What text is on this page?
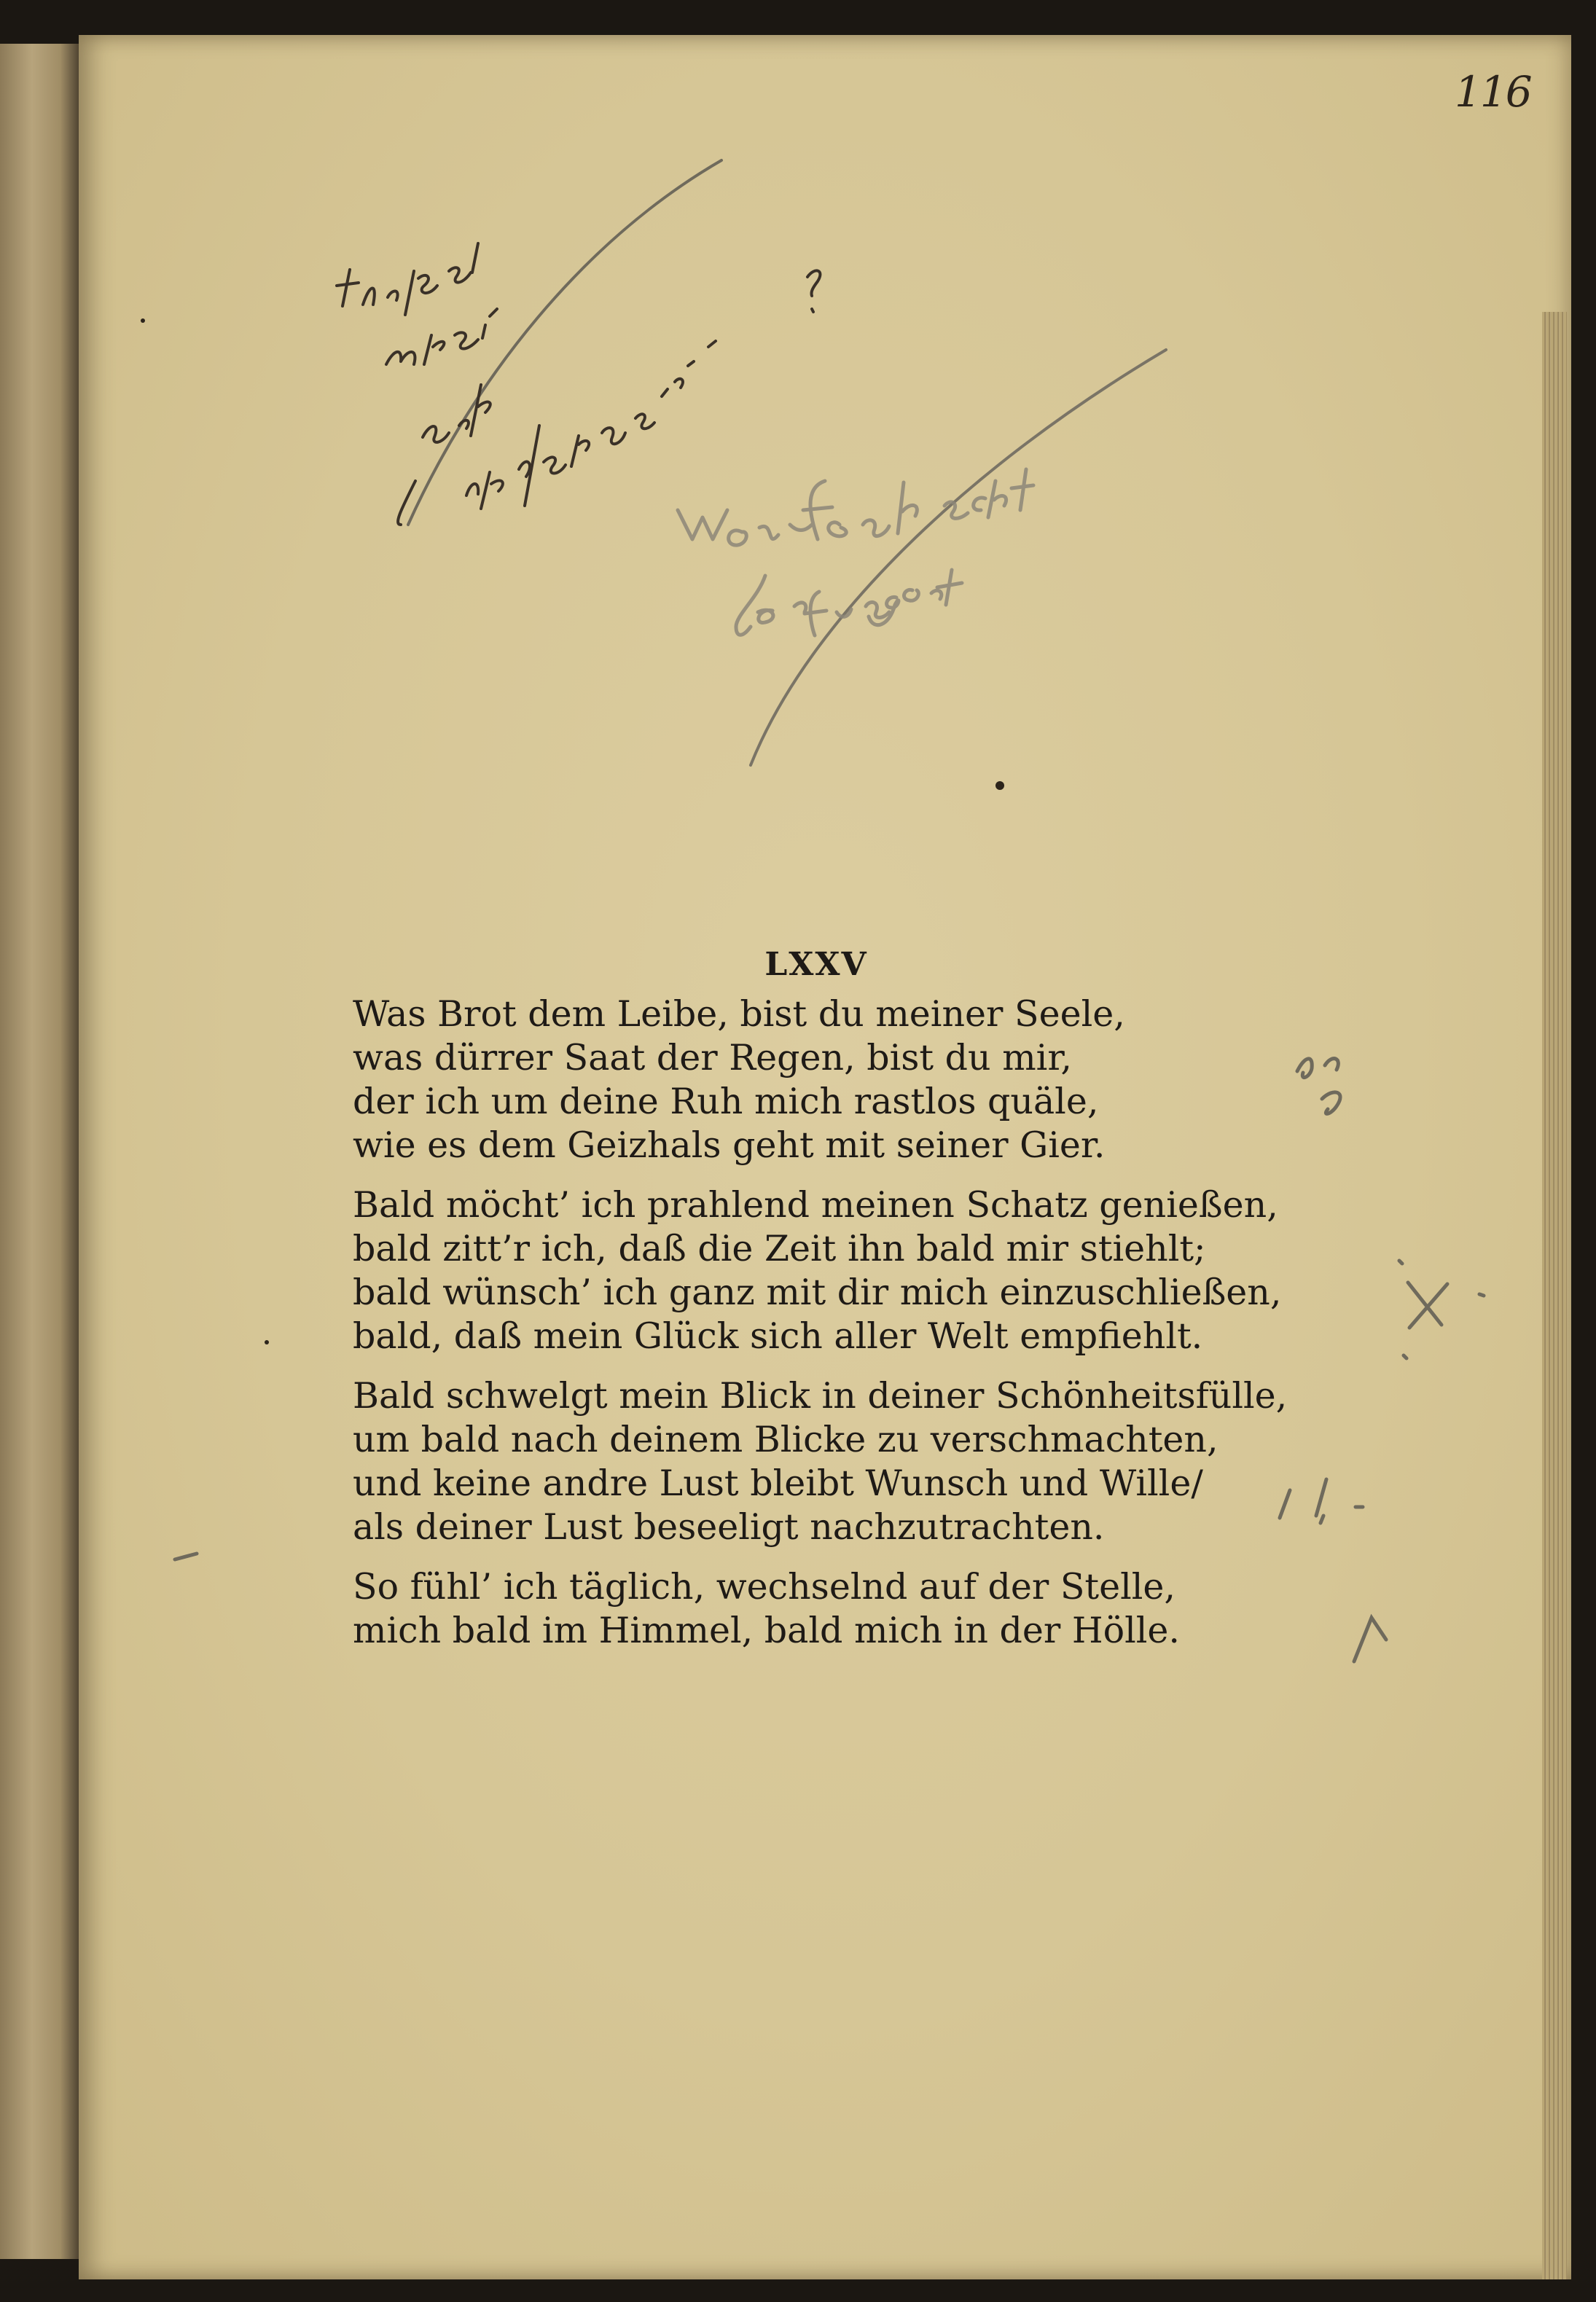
116
LXXV
Was Brot dem Leibe, bist du meiner Seele,
was dürrer Saat der Regen, bist du mir,
der ich um deine Ruh mich rastlos quäle,
wie es dem Geizhals geht mit seiner Gier.
Bald möcht’ ich prahlend meinen Schatz genießen,
bald zitt’r ich, daß die Zeit ihn bald mir stiehlt;
bald wünsch’ ich ganz mit dir mich einzuschließen,
bald, daß mein Glück sich aller Welt empfiehlt.
Bald schwelgt mein Blick in deiner Schönheitsfülle,
um bald nach deinem Blicke zu verschmachten,
und keine andre Lust bleibt Wunsch und Wille/
als deiner Lust beseeligt nachzutrachten.
So fühl’ ich täglich, wechselnd auf der Stelle,
mich bald im Himmel, bald mich in der Hölle.
